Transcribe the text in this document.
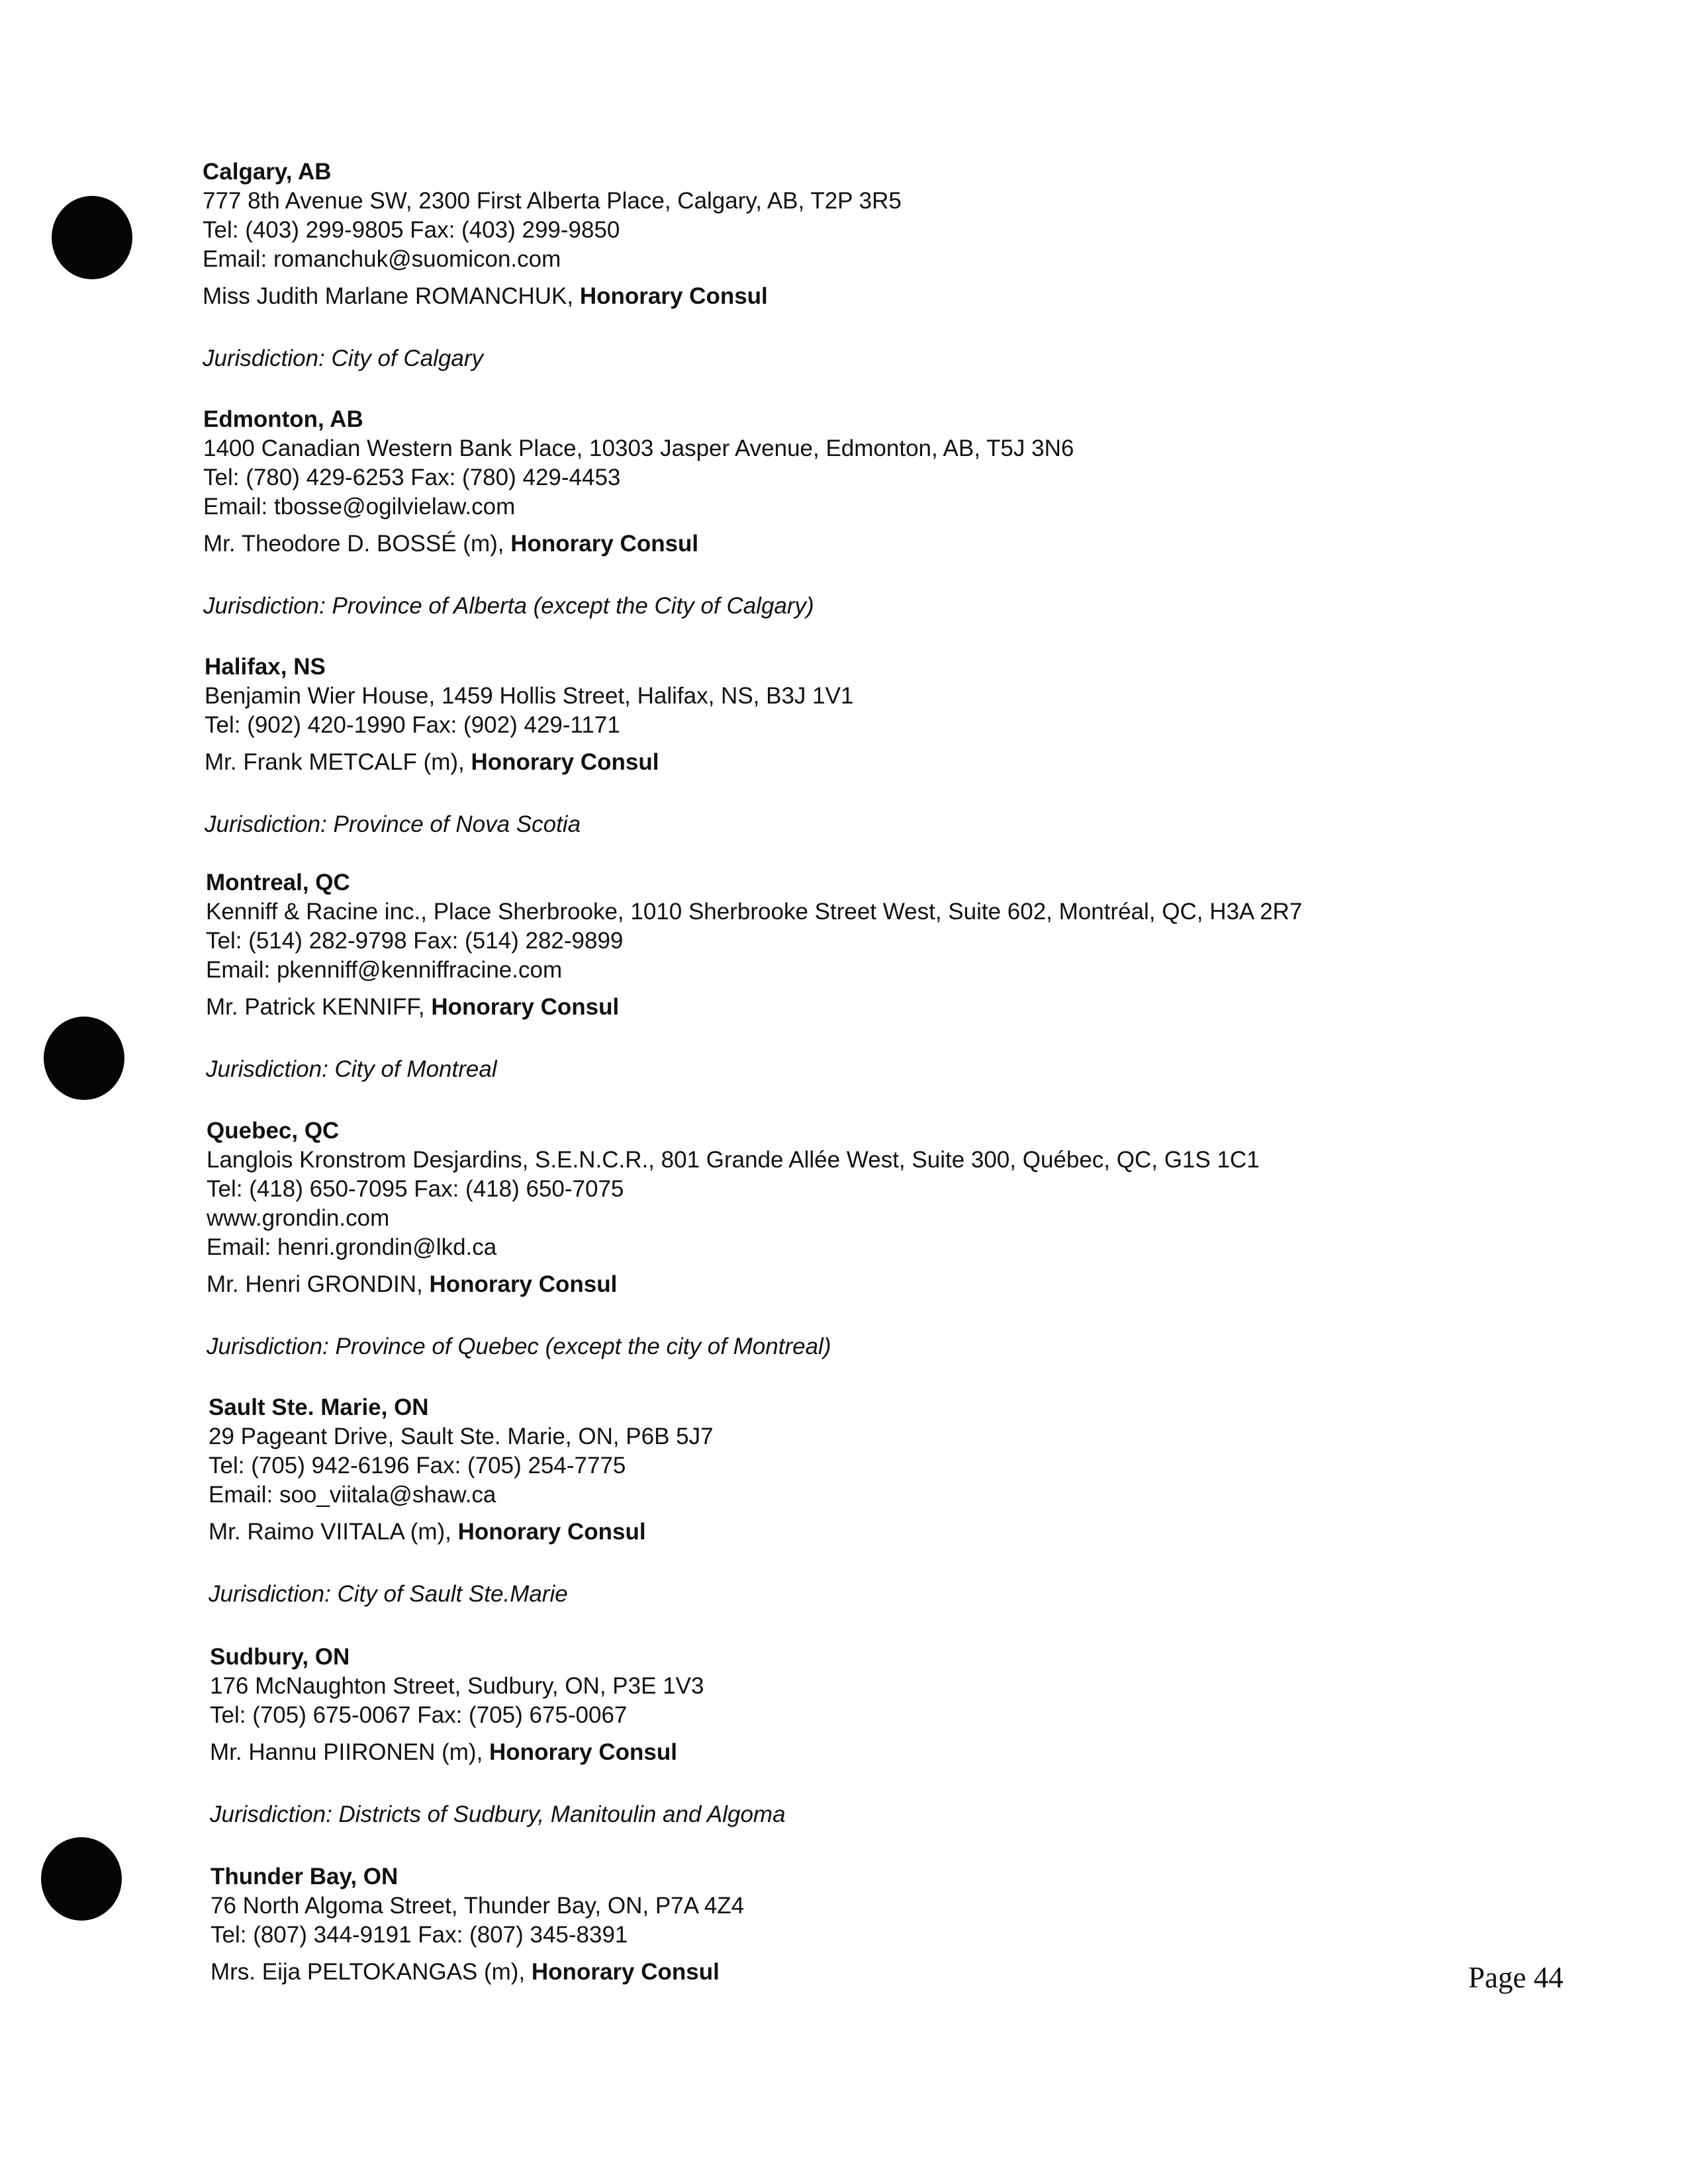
Calgary, AB
777 8th Avenue SW, 2300 First Alberta Place, Calgary, AB, T2P 3R5
Tel: (403) 299-9805 Fax: (403) 299-9850
Email: romanchuk@suomicon.com
Miss Judith Marlane ROMANCHUK, Honorary Consul
Jurisdiction: City of Calgary
Edmonton, AB
1400 Canadian Western Bank Place, 10303 Jasper Avenue, Edmonton, AB, T5J 3N6
Tel: (780) 429-6253 Fax: (780) 429-4453
Email: tbosse@ogilvielaw.com
Mr. Theodore D. BOSSÉ (m), Honorary Consul
Jurisdiction: Province of Alberta (except the City of Calgary)
Halifax, NS
Benjamin Wier House, 1459 Hollis Street, Halifax, NS, B3J 1V1
Tel: (902) 420-1990 Fax: (902) 429-1171
Mr. Frank METCALF (m), Honorary Consul
Jurisdiction: Province of Nova Scotia
Montreal, QC
Kenniff & Racine inc., Place Sherbrooke, 1010 Sherbrooke Street West, Suite 602, Montréal, QC, H3A 2R7
Tel: (514) 282-9798 Fax: (514) 282-9899
Email: pkenniff@kenniffracine.com
Mr. Patrick KENNIFF, Honorary Consul
Jurisdiction: City of Montreal
Quebec, QC
Langlois Kronstrom Desjardins, S.E.N.C.R., 801 Grande Allée West, Suite 300, Québec, QC, G1S 1C1
Tel: (418) 650-7095 Fax: (418) 650-7075
www.grondin.com
Email: henri.grondin@lkd.ca
Mr. Henri GRONDIN, Honorary Consul
Jurisdiction: Province of Quebec (except the city of Montreal)
Sault Ste. Marie, ON
29 Pageant Drive, Sault Ste. Marie, ON, P6B 5J7
Tel: (705) 942-6196 Fax: (705) 254-7775
Email: soo_viitala@shaw.ca
Mr. Raimo VIITALA (m), Honorary Consul
Jurisdiction: City of Sault Ste.Marie
Sudbury, ON
176 McNaughton Street, Sudbury, ON, P3E 1V3
Tel: (705) 675-0067 Fax: (705) 675-0067
Mr. Hannu PIIRONEN (m), Honorary Consul
Jurisdiction: Districts of Sudbury, Manitoulin and Algoma
Thunder Bay, ON
76 North Algoma Street, Thunder Bay, ON, P7A 4Z4
Tel: (807) 344-9191 Fax: (807) 345-8391
Mrs. Eija PELTOKANGAS (m), Honorary Consul	Page 44
